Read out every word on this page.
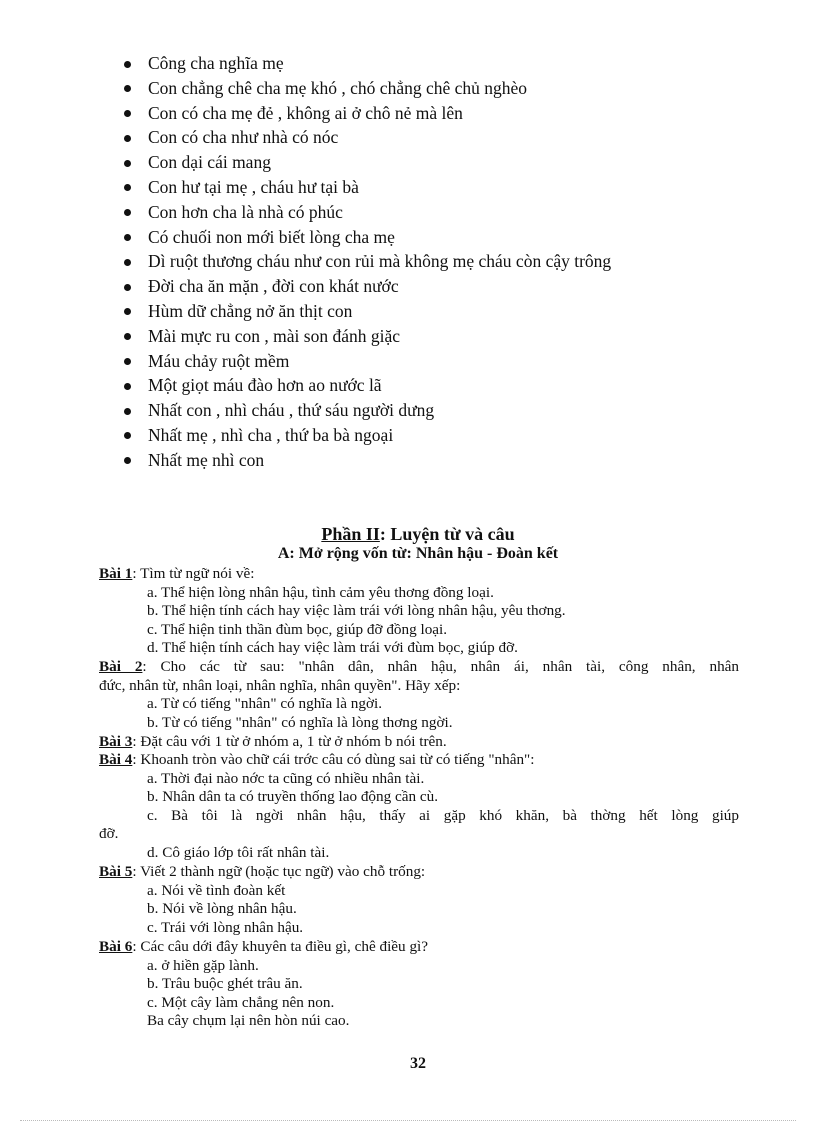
Công cha nghĩa mẹ
Con chẳng chê cha mẹ khó , chó chẳng chê chủ nghèo
Con có cha mẹ đẻ , không ai ở chô nẻ mà lên
Con có cha như nhà có nóc
Con dại cái mang
Con hư tại mẹ , cháu hư tại bà
Con hơn cha là nhà có phúc
Có chuối non mới biết lòng cha mẹ
Dì ruột thương cháu như con rủi mà không mẹ cháu còn cậy trông
Đời cha ăn mặn , đời con khát nước
Hùm dữ chẳng nở ăn thịt con
Mài mực ru con , mài son đánh giặc
Máu chảy ruột mềm
Một giọt máu đào hơn ao nước lã
Nhất con , nhì cháu , thứ sáu người dưng
Nhất mẹ , nhì cha , thứ ba bà ngoại
Nhất mẹ nhì con
Phần II: Luyện từ và câu
A: Mở rộng vốn từ: Nhân hậu - Đoàn kết
Bài 1: Tìm từ ngữ nói về:
a. Thể hiện lòng nhân hậu, tình cảm yêu thơng đồng loại.
b. Thể hiện tính cách hay việc làm trái với lòng nhân hậu, yêu thơng.
c. Thể hiện tinh thần đùm bọc, giúp đỡ đồng loại.
d. Thể hiện tính cách hay việc làm trái với đùm bọc, giúp đỡ.
Bài 2: Cho các từ sau: "nhân dân, nhân hậu, nhân ái, nhân tài, công nhân, nhân
đức, nhân từ, nhân loại, nhân nghĩa, nhân quyền". Hãy xếp:
a. Từ có tiếng "nhân" có nghĩa là ngời.
b. Từ có tiếng "nhân" có nghĩa là lòng thơng ngời.
Bài 3: Đặt câu với 1 từ ở nhóm a, 1 từ ở nhóm b nói trên.
Bài 4: Khoanh tròn vào chữ cái trớc câu có dùng sai từ có tiếng "nhân":
a. Thời đại nào nớc ta cũng có nhiều nhân tài.
b. Nhân dân ta có truyền thống lao động cần cù.
c. Bà tôi là ngời nhân hậu, thấy ai gặp khó khăn, bà thờng hết lòng giúp
đỡ.
d. Cô giáo lớp tôi rất nhân tài.
Bài 5: Viết 2 thành ngữ (hoặc tục ngữ) vào chỗ trống:
a. Nói về tình đoàn kết
b. Nói về lòng nhân hậu.
c. Trái với lòng nhân hậu.
Bài 6: Các câu dới đây khuyên ta điều gì, chê điều gì?
a. ở hiền gặp lành.
b. Trâu buộc ghét trâu ăn.
c. Một cây làm chẳng nên non.
Ba cây chụm lại nên hòn núi cao.
32
